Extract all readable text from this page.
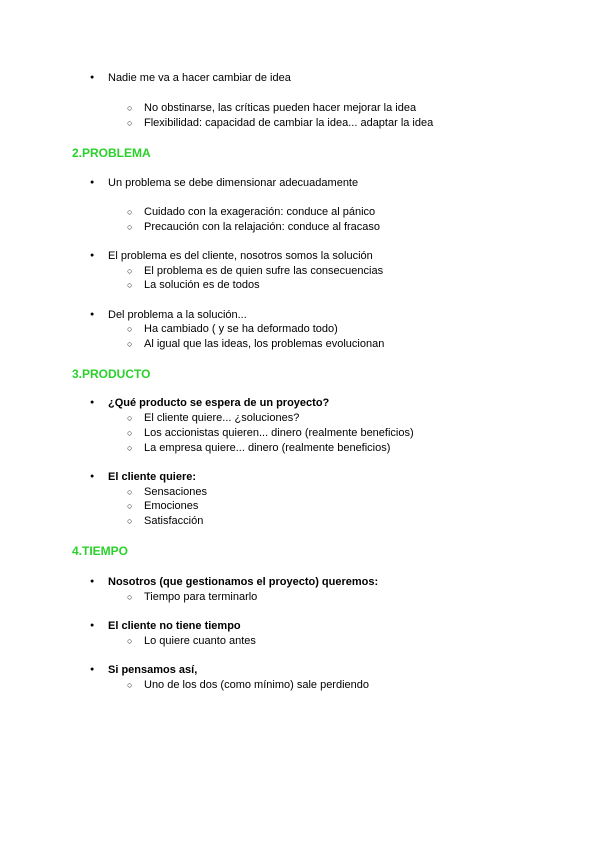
● Nadie me va a hacer cambiar de idea
○ No obstinarse, las críticas pueden hacer mejorar la idea
○ Flexibilidad: capacidad de cambiar la idea... adaptar la idea
2.PROBLEMA
● Un problema se debe dimensionar adecuadamente
○ Cuidado con la exageración: conduce al pánico
○ Precaución con la relajación: conduce al fracaso
● El problema es del cliente, nosotros somos la solución
○ El problema es de quien sufre las consecuencias
○ La solución es de todos
● Del problema a la solución...
○ Ha cambiado ( y se ha deformado todo)
○ Al igual que las ideas, los problemas evolucionan
3.PRODUCTO
● ¿Qué producto se espera de un proyecto?
○ El cliente quiere... ¿soluciones?
○ Los accionistas quieren... dinero (realmente beneficios)
○ La empresa quiere... dinero (realmente beneficios)
● El cliente quiere:
○ Sensaciones
○ Emociones
○ Satisfacción
4.TIEMPO
● Nosotros (que gestionamos el proyecto) queremos:
○ Tiempo para terminarlo
● El cliente no tiene tiempo
○ Lo quiere cuanto antes
● Si pensamos así,
○ Uno de los dos (como mínimo) sale perdiendo
